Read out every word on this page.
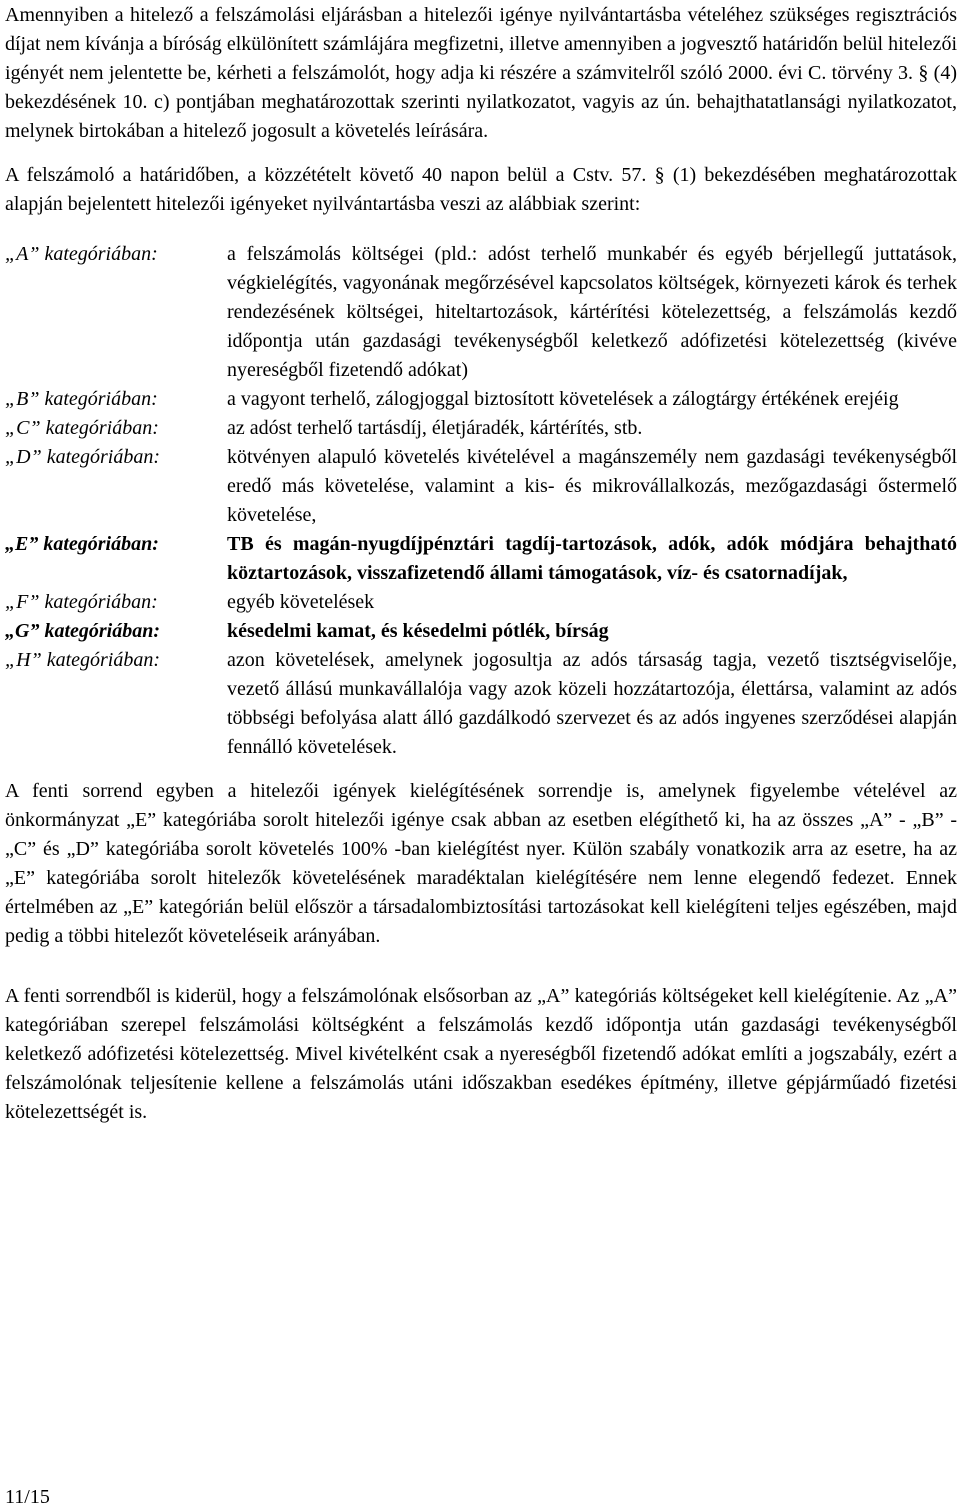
Amennyiben a hitelező a felszámolási eljárásban a hitelezői igénye nyilvántartásba vételéhez szükséges regisztrációs díjat nem kívánja a bíróság elkülönített számlájára megfizetni, illetve amennyiben a jogvesztő határidőn belül hitelezői igényét nem jelentette be, kérheti a felszámolót, hogy adja ki részére a számvitelről szóló 2000. évi C. törvény 3. § (4) bekezdésének 10. c) pontjában meghatározottak szerinti nyilatkozatot, vagyis az ún. behajthatatlansági nyilatkozatot, melynek birtokában a hitelező jogosult a követelés leírására.

A felszámoló a határidőben, a közzétételt követő 40 napon belül a Cstv. 57. § (1) bekezdésében meghatározottak alapján bejelentett hitelezői igényeket nyilvántartásba veszi az alábbiak szerint:

„A” kategóriában:	a felszámolás költségei (pld.: adóst terhelő munkabér és egyéb bérjellegű juttatások, végkielégítés, vagyonának megőrzésével kapcsolatos költségek, környezeti károk és terhek rendezésének költségei, hiteltartozások, kártérítési kötelezettség, a felszámolás kezdő időpontja után gazdasági tevékenységből keletkező adófizetési kötelezettség (kivéve nyereségből fizetendő adókat)
„B” kategóriában:	a vagyont terhelő, zálogjoggal biztosított követelések a zálogtárgy értékének erejéig
„C” kategóriában:	az adóst terhelő tartásdíj, életjáradék, kártérítés, stb.
„D” kategóriában:	kötvényen alapuló követelés kivételével a magánszemély nem gazdasági tevékenységből eredő más követelése, valamint a kis- és mikrovállalkozás, mezőgazdasági őstermelő követelése,
„E” kategóriában:	TB és magán-nyugdíjpénztári tagdíj-tartozások, adók, adók módjára behajtható köztartozások, visszafizetendő állami támogatások, víz- és csatornadíjak,
„F” kategóriában:	egyéb követelések
„G” kategóriában:	késedelmi kamat, és késedelmi pótlék, bírság
„H” kategóriában:	azon követelések, amelynek jogosultja az adós társaság tagja, vezető tisztségviselője, vezető állású munkavállalója vagy azok közeli hozzátartozója, élettársa, valamint az adós többségi befolyása alatt álló gazdálkodó szervezet és az adós ingyenes szerződései alapján fennálló követelések.

A fenti sorrend egyben a hitelezői igények kielégítésének sorrendje is, amelynek figyelembe vételével az önkormányzat „E” kategóriába sorolt hitelezői igénye csak abban az esetben elégíthető ki, ha az összes „A” - „B” - „C” és „D” kategóriába sorolt követelés 100% -ban kielégítést nyer. Külön szabály vonatkozik arra az esetre, ha az „E” kategóriába sorolt hitelezők követelésének maradéktalan kielégítésére nem lenne elegendő fedezet. Ennek értelmében az „E” kategórián belül először a társadalombiztosítási tartozásokat kell kielégíteni teljes egészében, majd pedig a többi hitelezőt követeléseik arányában.

A fenti sorrendből is kiderül, hogy a felszámolónak elsősorban az „A” kategóriás költségeket kell kielégítenie. Az „A” kategóriában szerepel felszámolási költségként a felszámolás kezdő időpontja után gazdasági tevékenységből keletkező adófizetési kötelezettség. Mivel kivételként csak a nyereségből fizetendő adókat említi a jogszabály, ezért a felszámolónak teljesítenie kellene a felszámolás utáni időszakban esedékes építmény, illetve gépjárműadó fizetési kötelezettségét is.

11/15
